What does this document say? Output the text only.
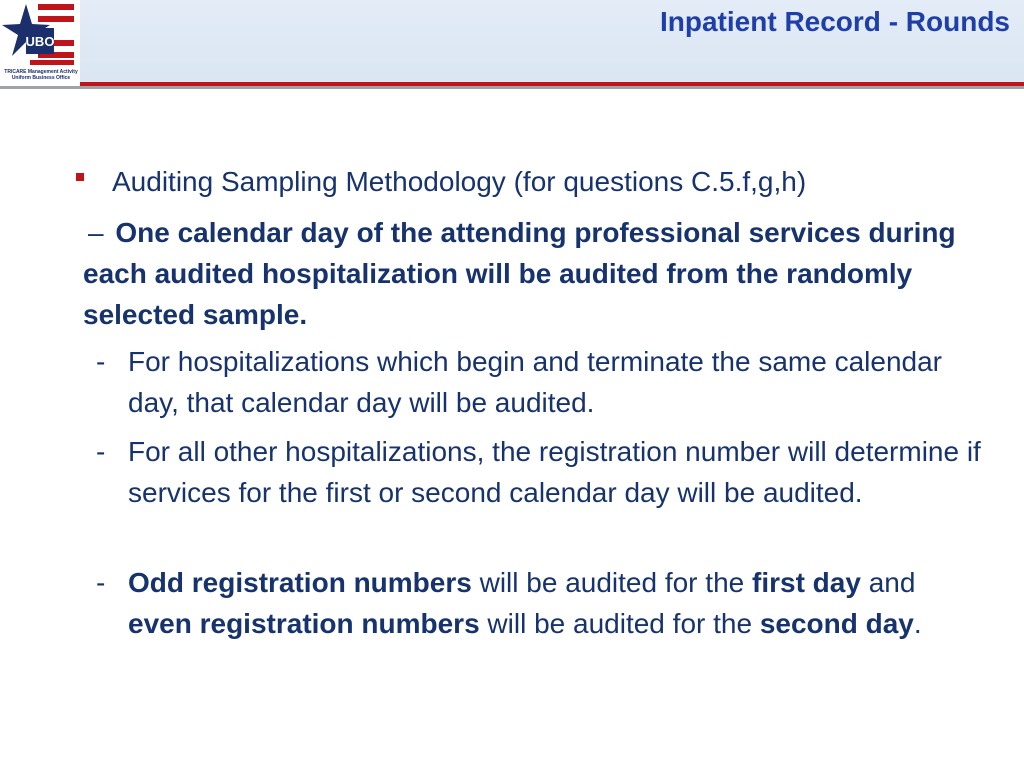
UBO
TRICARE Management Activity
Uniform Business Office
Inpatient Record - Rounds
Auditing Sampling Methodology (for questions C.5.f,g,h)
– One calendar day of the attending professional services during each audited hospitalization will be audited from the randomly selected sample.
- For hospitalizations which begin and terminate the same calendar day, that calendar day will be audited.
- For all other hospitalizations, the registration number will determine if services for the first or second calendar day will be audited.
- Odd registration numbers will be audited for the first day and even registration numbers will be audited for the second day.
